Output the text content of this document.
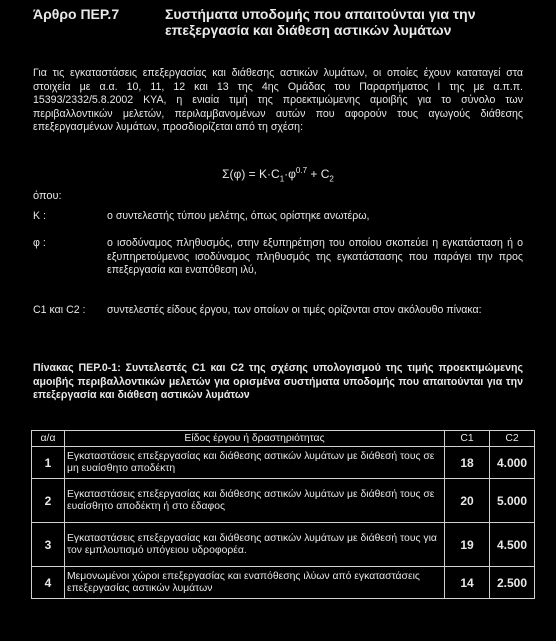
Άρθρο ΠΕΡ.7	Συστήματα υποδομής που απαιτούνται για την επεξεργασία και διάθεση αστικών λυμάτων
Για τις εγκαταστάσεις επεξεργασίας και διάθεσης αστικών λυμάτων, οι οποίες έχουν καταταγεί στα στοιχεία με α.α. 10, 11, 12 και 13 της 4ης Ομάδας του Παραρτήματος Ι της με α.π.π. 15393/2332/5.8.2002 ΚΥΑ, η ενιαία τιμή της προεκτιμώμενης αμοιβής για το σύνολο των περιβαλλοντικών μελετών, περιλαμβανομένων αυτών που αφορούν τους αγωγούς διάθεσης επεξεργασμένων λυμάτων, προσδιορίζεται από τη σχέση:
$\Sigma(\varphi) = K\cdot C_1\cdot\varphi^{0.7} + C_2$
όπου:
Κ :	ο συντελεστής τύπου μελέτης, όπως ορίστηκε ανωτέρω,
φ :	ο ισοδύναμος πληθυσμός, στην εξυπηρέτηση του οποίου σκοπεύει η εγκατάσταση ή ο εξυπηρετούμενος ισοδύναμος πληθυσμός της εγκατάστασης που παράγει την προς επεξεργασία και εναπόθεση ιλύ,
C1 και C2 : συντελεστές είδους έργου, των οποίων οι τιμές ορίζονται στον ακόλουθο πίνακα:
Πίνακας ΠΕΡ.0-1: Συντελεστές C1 και C2 της σχέσης υπολογισμού της τιμής προεκτιμώμενης αμοιβής περιβαλλοντικών μελετών για ορισμένα συστήματα υποδομής που απαιτούνται για την επεξεργασία και διάθεση αστικών λυμάτων
α/α	Είδος έργου ή δραστηριότητας	C1	C2
1	Εγκαταστάσεις επεξεργασίας και διάθεσης αστικών λυμάτων με διάθεσή τους σε μη ευαίσθητο αποδέκτη	18	4.000
2	Εγκαταστάσεις επεξεργασίας και διάθεσης αστικών λυμάτων με διάθεσή τους σε ευαίσθητο αποδέκτη ή στο έδαφος	20	5.000
3	Εγκαταστάσεις επεξεργασίας και διάθεσης αστικών λυμάτων με διάθεσή τους για τον εμπλουτισμό υπόγειου υδροφορέα.	19	4.500
4	Μεμονωμένοι χώροι επεξεργασίας και εναπόθεσης ιλύων από εγκαταστάσεις επεξεργασίας αστικών λυμάτων	14	2.500
